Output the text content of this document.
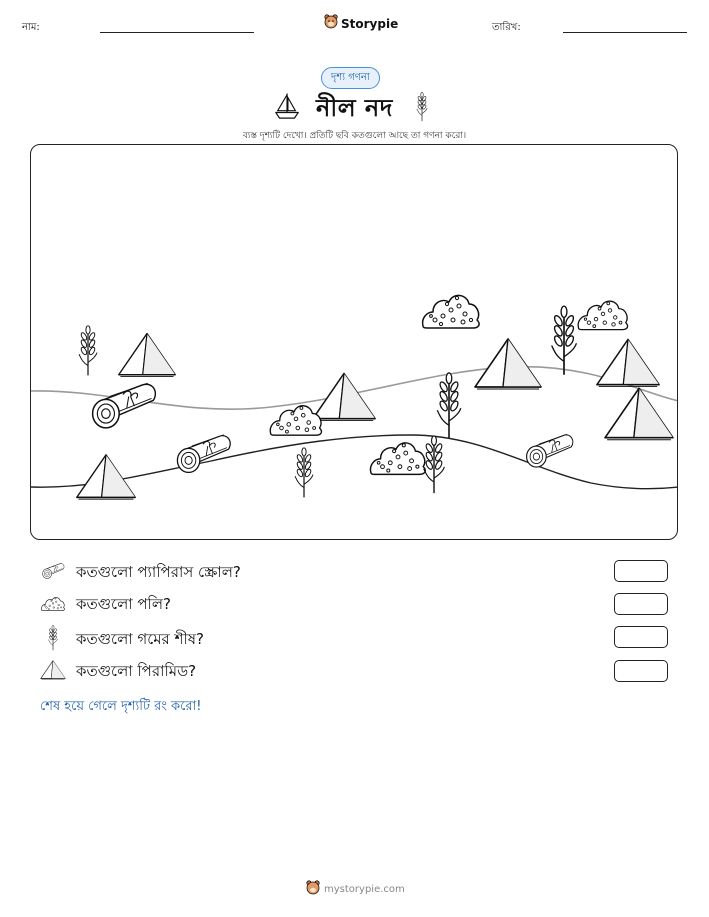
নাম:	Storypie	তারিখ:
দৃশ্য গণনা
নীল নদ
ব্যস্ত দৃশ্যটি দেখো। প্রতিটি ছবি কতগুলো আছে তা গণনা করো।
কতগুলো প্যাপিরাস স্ক্রোল?
কতগুলো পলি?
কতগুলো গমের শীষ?
কতগুলো পিরামিড?
শেষ হয়ে গেলে দৃশ্যটি রং করো!
mystorypie.com
